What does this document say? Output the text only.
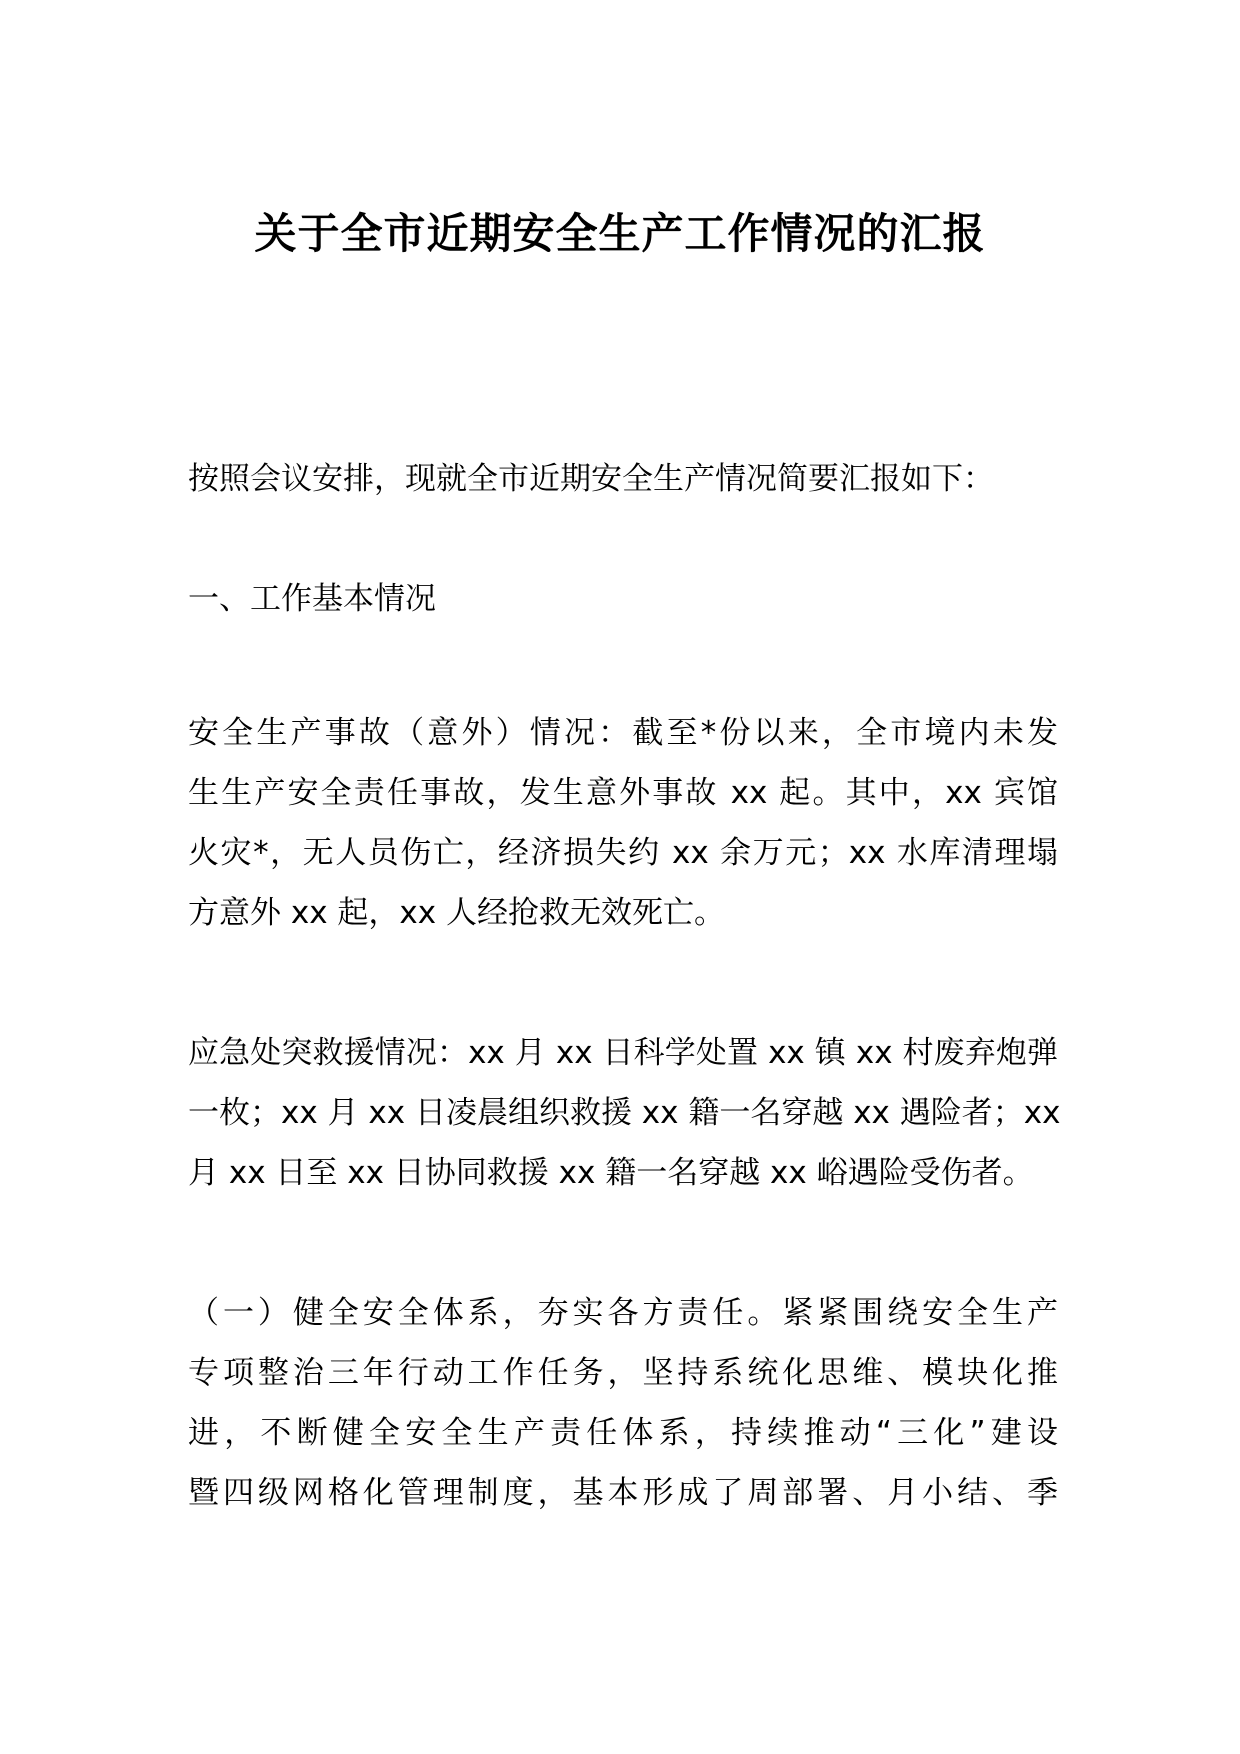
关于全市近期安全生产工作情况的汇报
按照会议安排，现就全市近期安全生产情况简要汇报如下：
一、工作基本情况
安全生产事故（意外）情况：截至*份以来，全市境内未发
生生产安全责任事故，发生意外事故 xx 起。其中，xx 宾馆
火灾*，无人员伤亡，经济损失约 xx 余万元；xx 水库清理塌
方意外 xx 起，xx 人经抢救无效死亡。
应急处突救援情况：xx 月 xx 日科学处置 xx 镇 xx 村废弃炮弹
一枚；xx 月 xx 日凌晨组织救援 xx 籍一名穿越 xx 遇险者；xx
月 xx 日至 xx 日协同救援 xx 籍一名穿越 xx 峪遇险受伤者。
（一）健全安全体系，夯实各方责任。紧紧围绕安全生产
专项整治三年行动工作任务，坚持系统化思维、模块化推
进，不断健全安全生产责任体系，持续推动“三化”建设
暨四级网格化管理制度，基本形成了周部署、月小结、季
